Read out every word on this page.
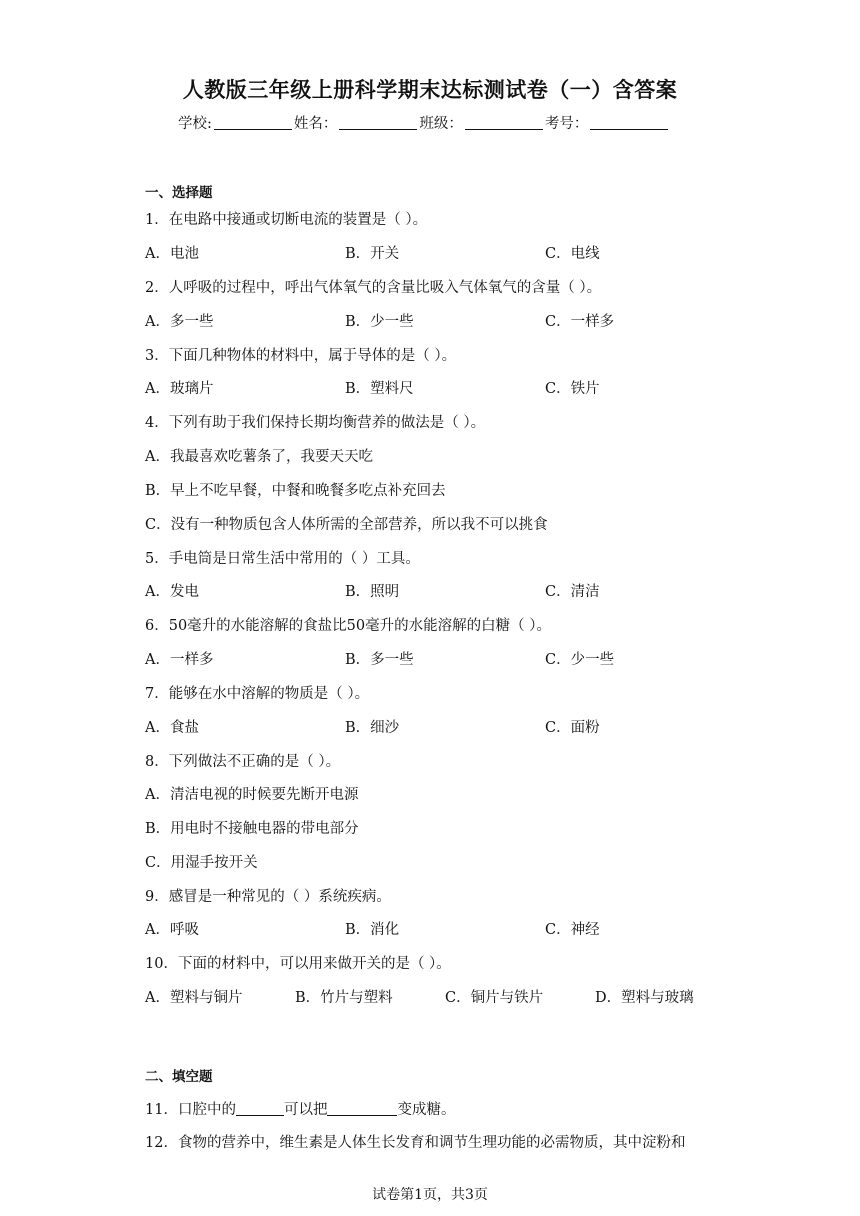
人教版三年级上册科学期末达标测试卷（一）含答案
学校:	姓名：	班级：	考号：
一、选择题
1．在电路中接通或切断电流的装置是（ ）。
A．电池	B．开关	C．电线
2．人呼吸的过程中，呼出气体氧气的含量比吸入气体氧气的含量（ ）。
A．多一些	B．少一些	C．一样多
3．下面几种物体的材料中，属于导体的是（ ）。
A．玻璃片	B．塑料尺	C．铁片
4．下列有助于我们保持长期均衡营养的做法是（ ）。
A．我最喜欢吃薯条了，我要天天吃
B．早上不吃早餐，中餐和晚餐多吃点补充回去
C．没有一种物质包含人体所需的全部营养，所以我不可以挑食
5．手电筒是日常生活中常用的（ ）工具。
A．发电	B．照明	C．清洁
6．50毫升的水能溶解的食盐比50毫升的水能溶解的白糖（ ）。
A．一样多	B．多一些	C．少一些
7．能够在水中溶解的物质是（ ）。
A．食盐	B．细沙	C．面粉
8．下列做法不正确的是（ ）。
A．清洁电视的时候要先断开电源
B．用电时不接触电器的带电部分
C．用湿手按开关
9．感冒是一种常见的（ ）系统疾病。
A．呼吸	B．消化	C．神经
10．下面的材料中，可以用来做开关的是（ ）。
A．塑料与铜片	B．竹片与塑料	C．铜片与铁片	D．塑料与玻璃
二、填空题
11．口腔中的	可以把	变成糖。
12．食物的营养中，维生素是人体生长发育和调节生理功能的必需物质，其中淀粉和
试卷第1页，共3页
